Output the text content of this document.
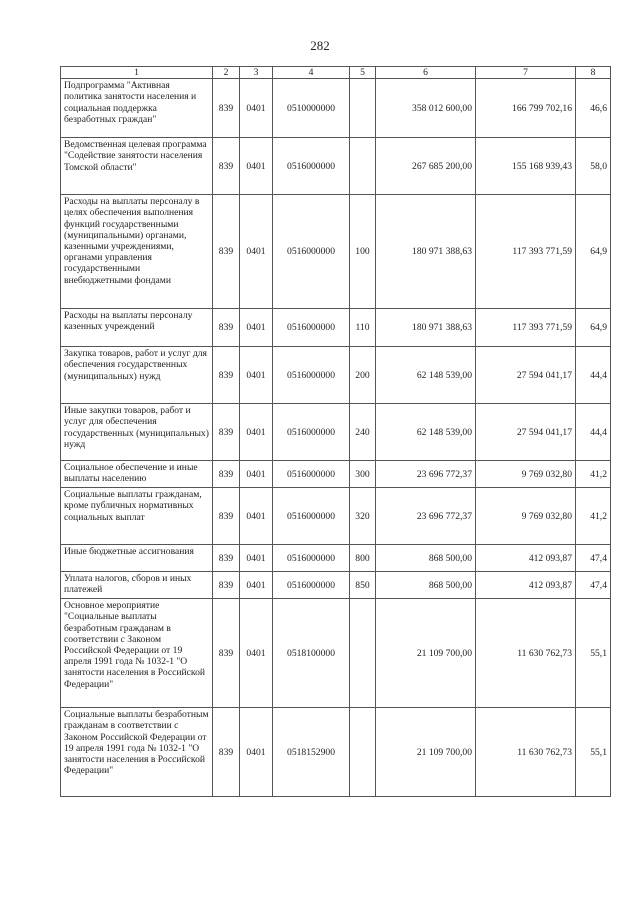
282
1	2	3	4	5	6	7	8
Подпрограмма "Активная политика занятости населения и социальная поддержка безработных граждан"	839	0401	0510000000		358 012 600,00	166 799 702,16	46,6
Ведомственная целевая программа "Содействие занятости населения Томской области"	839	0401	0516000000		267 685 200,00	155 168 939,43	58,0
Расходы на выплаты персоналу в целях обеспечения выполнения функций государственными (муниципальными) органами, казенными учреждениями, органами управления государственными внебюджетными фондами	839	0401	0516000000	100	180 971 388,63	117 393 771,59	64,9
Расходы на выплаты персоналу казенных учреждений	839	0401	0516000000	110	180 971 388,63	117 393 771,59	64,9
Закупка товаров, работ и услуг для обеспечения государственных (муниципальных) нужд	839	0401	0516000000	200	62 148 539,00	27 594 041,17	44,4
Иные закупки товаров, работ и услуг для обеспечения государственных (муниципальных) нужд	839	0401	0516000000	240	62 148 539,00	27 594 041,17	44,4
Социальное обеспечение и иные выплаты населению	839	0401	0516000000	300	23 696 772,37	9 769 032,80	41,2
Социальные выплаты гражданам, кроме публичных нормативных социальных выплат	839	0401	0516000000	320	23 696 772,37	9 769 032,80	41,2
Иные бюджетные ассигнования	839	0401	0516000000	800	868 500,00	412 093,87	47,4
Уплата налогов, сборов и иных платежей	839	0401	0516000000	850	868 500,00	412 093,87	47,4
Основное мероприятие "Социальные выплаты безработным гражданам в соответствии с Законом Российской Федерации от 19 апреля 1991 года № 1032-1 "О занятости населения в Российской Федерации"	839	0401	0518100000		21 109 700,00	11 630 762,73	55,1
Социальные выплаты безработным гражданам в соответствии с Законом Российской Федерации от 19 апреля 1991 года № 1032-1 "О занятости населения в Российской Федерации"	839	0401	0518152900		21 109 700,00	11 630 762,73	55,1
